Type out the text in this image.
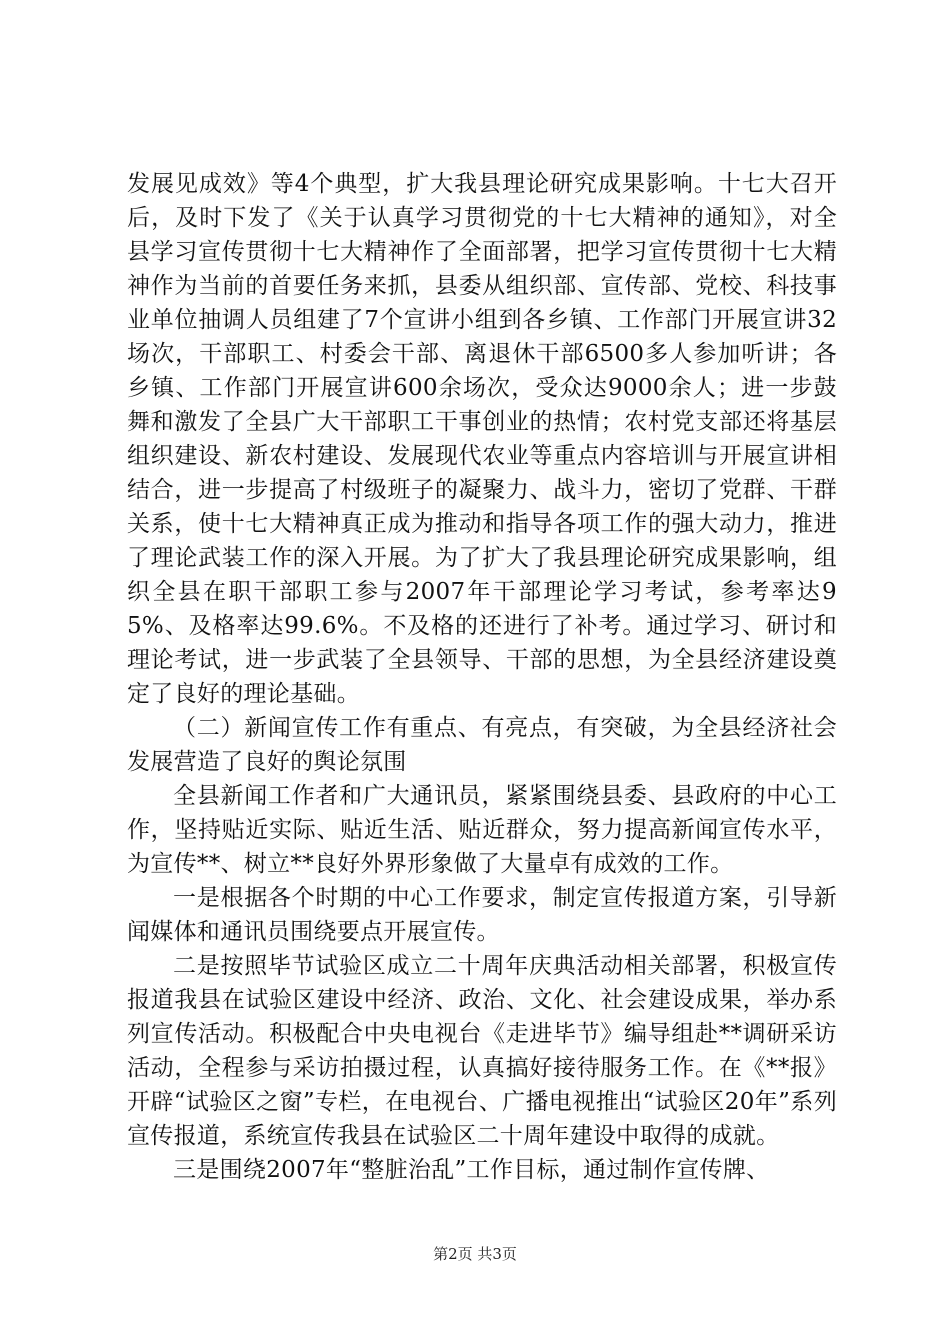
发展见成效》等4个典型，扩大我县理论研究成果影响。十七大召开后，及时下发了《关于认真学习贯彻党的十七大精神的通知》，对全县学习宣传贯彻十七大精神作了全面部署，把学习宣传贯彻十七大精神作为当前的首要任务来抓，县委从组织部、宣传部、党校、科技事业单位抽调人员组建了7个宣讲小组到各乡镇、工作部门开展宣讲32场次，干部职工、村委会干部、离退休干部6500多人参加听讲；各乡镇、工作部门开展宣讲600余场次，受众达9000余人；进一步鼓舞和激发了全县广大干部职工干事创业的热情；农村党支部还将基层组织建设、新农村建设、发展现代农业等重点内容培训与开展宣讲相结合，进一步提高了村级班子的凝聚力、战斗力，密切了党群、干群关系，使十七大精神真正成为推动和指导各项工作的强大动力，推进了理论武装工作的深入开展。为了扩大了我县理论研究成果影响，组织全县在职干部职工参与2007年干部理论学习考试，参考率达95%、及格率达99.6%。不及格的还进行了补考。通过学习、研讨和理论考试，进一步武装了全县领导、干部的思想，为全县经济建设奠定了良好的理论基础。

（二）新闻宣传工作有重点、有亮点，有突破，为全县经济社会发展营造了良好的舆论氛围

全县新闻工作者和广大通讯员，紧紧围绕县委、县政府的中心工作，坚持贴近实际、贴近生活、贴近群众，努力提高新闻宣传水平，为宣传**、树立**良好外界形象做了大量卓有成效的工作。

一是根据各个时期的中心工作要求，制定宣传报道方案，引导新闻媒体和通讯员围绕要点开展宣传。

二是按照毕节试验区成立二十周年庆典活动相关部署，积极宣传报道我县在试验区建设中经济、政治、文化、社会建设成果，举办系列宣传活动。积极配合中央电视台《走进毕节》编导组赴**调研采访活动，全程参与采访拍摄过程，认真搞好接待服务工作。在《**报》开辟“试验区之窗”专栏，在电视台、广播电视推出“试验区20年”系列宣传报道，系统宣传我县在试验区二十周年建设中取得的成就。

三是围绕2007年“整脏治乱”工作目标，通过制作宣传牌、

第2页 共3页
